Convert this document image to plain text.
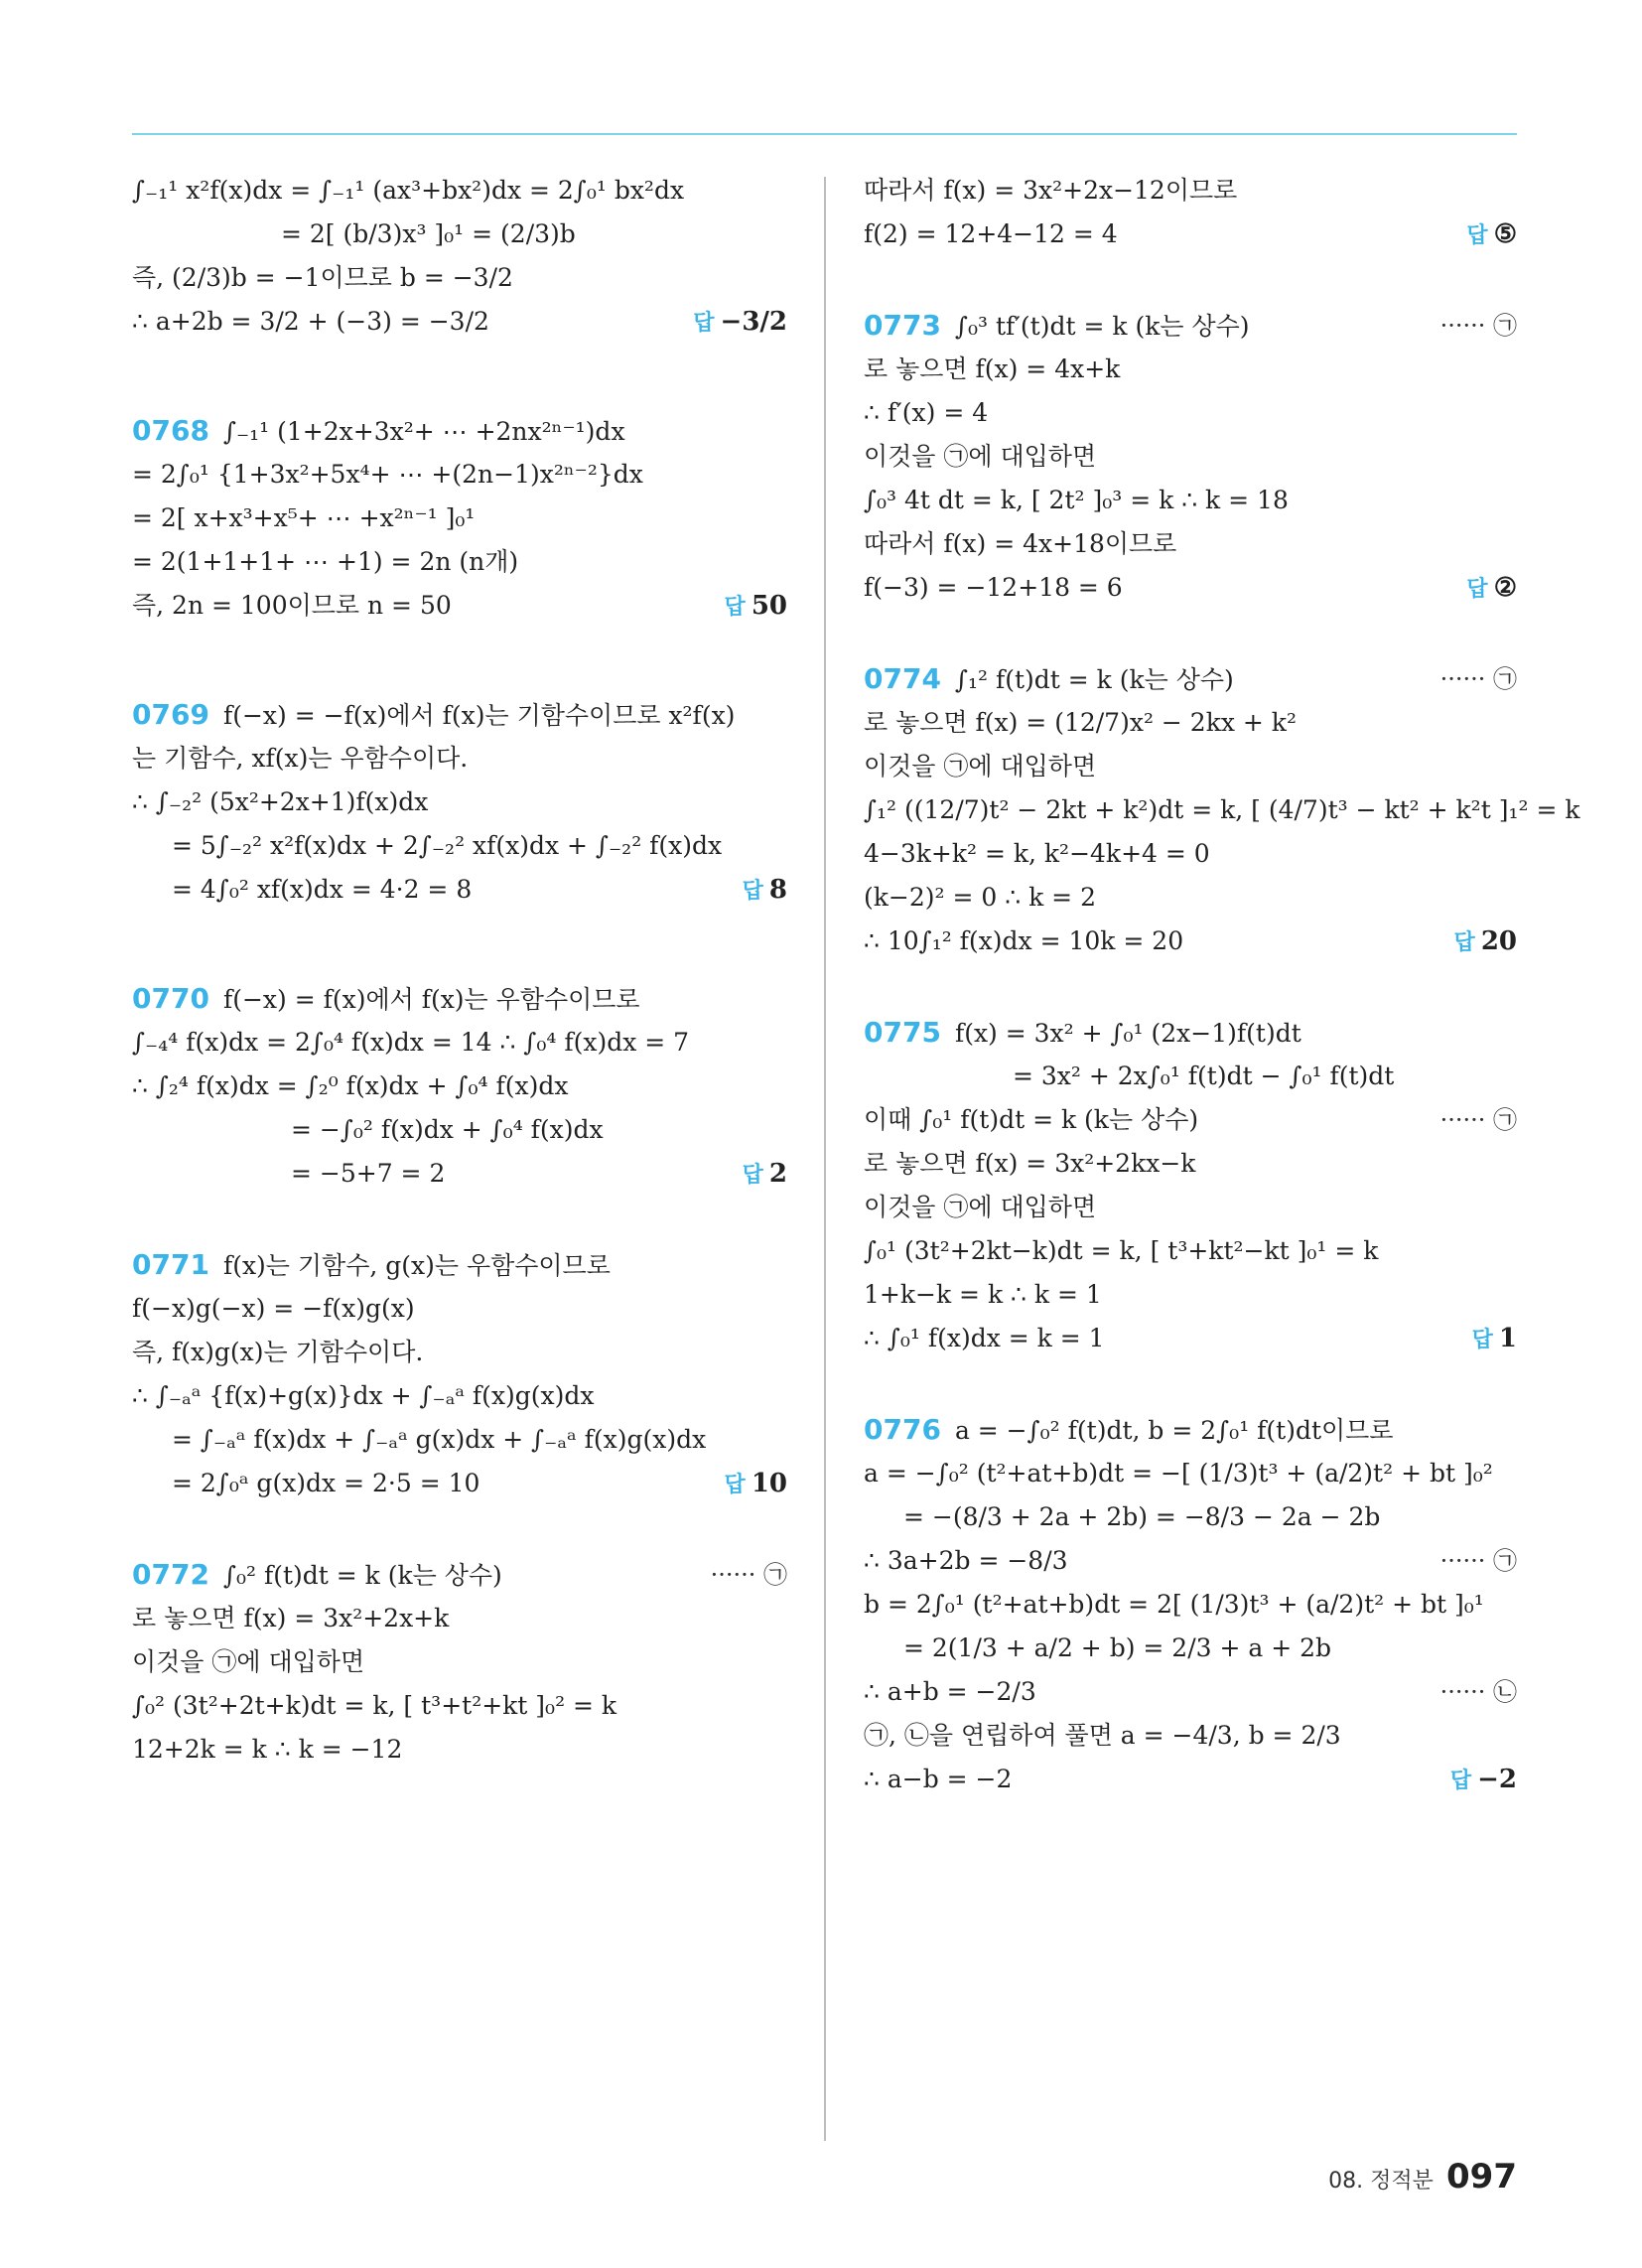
∫₋₁¹ x²f(x)dx = ∫₋₁¹ (ax³+bx²)dx = 2∫₀¹ bx²dx
= 2[ (b/3)x³ ]₀¹ = (2/3)b
즉, (2/3)b = −1이므로 b = −3/2
∴ a+2b = 3/2 + (−3) = −3/2	답 −3/2
0768 ∫₋₁¹ (1+2x+3x²+ ⋯ +2nx²ⁿ⁻¹)dx
= 2∫₀¹ {1+3x²+5x⁴+ ⋯ +(2n−1)x²ⁿ⁻²}dx
= 2[ x+x³+x⁵+ ⋯ +x²ⁿ⁻¹ ]₀¹
= 2(1+1+1+ ⋯ +1) = 2n (n개)
즉, 2n = 100이므로 n = 50	답 50
0769 f(−x) = −f(x)에서 f(x)는 기함수이므로 x²f(x)
는 기함수, xf(x)는 우함수이다.
∴ ∫₋₂² (5x²+2x+1)f(x)dx
= 5∫₋₂² x²f(x)dx + 2∫₋₂² xf(x)dx + ∫₋₂² f(x)dx
= 4∫₀² xf(x)dx = 4·2 = 8	답 8
0770 f(−x) = f(x)에서 f(x)는 우함수이므로
∫₋₄⁴ f(x)dx = 2∫₀⁴ f(x)dx = 14 ∴ ∫₀⁴ f(x)dx = 7
∴ ∫₂⁴ f(x)dx = ∫₂⁰ f(x)dx + ∫₀⁴ f(x)dx
= −∫₀² f(x)dx + ∫₀⁴ f(x)dx
= −5+7 = 2	답 2
0771 f(x)는 기함수, g(x)는 우함수이므로
f(−x)g(−x) = −f(x)g(x)
즉, f(x)g(x)는 기함수이다.
∴ ∫₋ₐᵃ {f(x)+g(x)}dx + ∫₋ₐᵃ f(x)g(x)dx
= ∫₋ₐᵃ f(x)dx + ∫₋ₐᵃ g(x)dx + ∫₋ₐᵃ f(x)g(x)dx
= 2∫₀ᵃ g(x)dx = 2·5 = 10	답 10
0772 ∫₀² f(t)dt = k (k는 상수)	······ ㉠
로 놓으면 f(x) = 3x²+2x+k
이것을 ㉠에 대입하면
∫₀² (3t²+2t+k)dt = k, [ t³+t²+kt ]₀² = k
12+2k = k ∴ k = −12
따라서 f(x) = 3x²+2x−12이므로
f(2) = 12+4−12 = 4	답 ⑤
0773 ∫₀³ tf′(t)dt = k (k는 상수)	······ ㉠
로 놓으면 f(x) = 4x+k
∴ f′(x) = 4
이것을 ㉠에 대입하면
∫₀³ 4t dt = k, [ 2t² ]₀³ = k ∴ k = 18
따라서 f(x) = 4x+18이므로
f(−3) = −12+18 = 6	답 ②
0774 ∫₁² f(t)dt = k (k는 상수)	······ ㉠
로 놓으면 f(x) = (12/7)x² − 2kx + k²
이것을 ㉠에 대입하면
∫₁² ((12/7)t² − 2kt + k²)dt = k, [ (4/7)t³ − kt² + k²t ]₁² = k
4−3k+k² = k, k²−4k+4 = 0
(k−2)² = 0 ∴ k = 2
∴ 10∫₁² f(x)dx = 10k = 20	답 20
0775 f(x) = 3x² + ∫₀¹ (2x−1)f(t)dt
= 3x² + 2x∫₀¹ f(t)dt − ∫₀¹ f(t)dt
이때 ∫₀¹ f(t)dt = k (k는 상수)	······ ㉠
로 놓으면 f(x) = 3x²+2kx−k
이것을 ㉠에 대입하면
∫₀¹ (3t²+2kt−k)dt = k, [ t³+kt²−kt ]₀¹ = k
1+k−k = k ∴ k = 1
∴ ∫₀¹ f(x)dx = k = 1	답 1
0776 a = −∫₀² f(t)dt, b = 2∫₀¹ f(t)dt이므로
a = −∫₀² (t²+at+b)dt = −[ (1/3)t³ + (a/2)t² + bt ]₀²
= −(8/3 + 2a + 2b) = −8/3 − 2a − 2b
∴ 3a+2b = −8/3	······ ㉠
b = 2∫₀¹ (t²+at+b)dt = 2[ (1/3)t³ + (a/2)t² + bt ]₀¹
= 2(1/3 + a/2 + b) = 2/3 + a + 2b
∴ a+b = −2/3	······ ㉡
㉠, ㉡을 연립하여 풀면 a = −4/3, b = 2/3
∴ a−b = −2	답 −2
08. 정적분 097
